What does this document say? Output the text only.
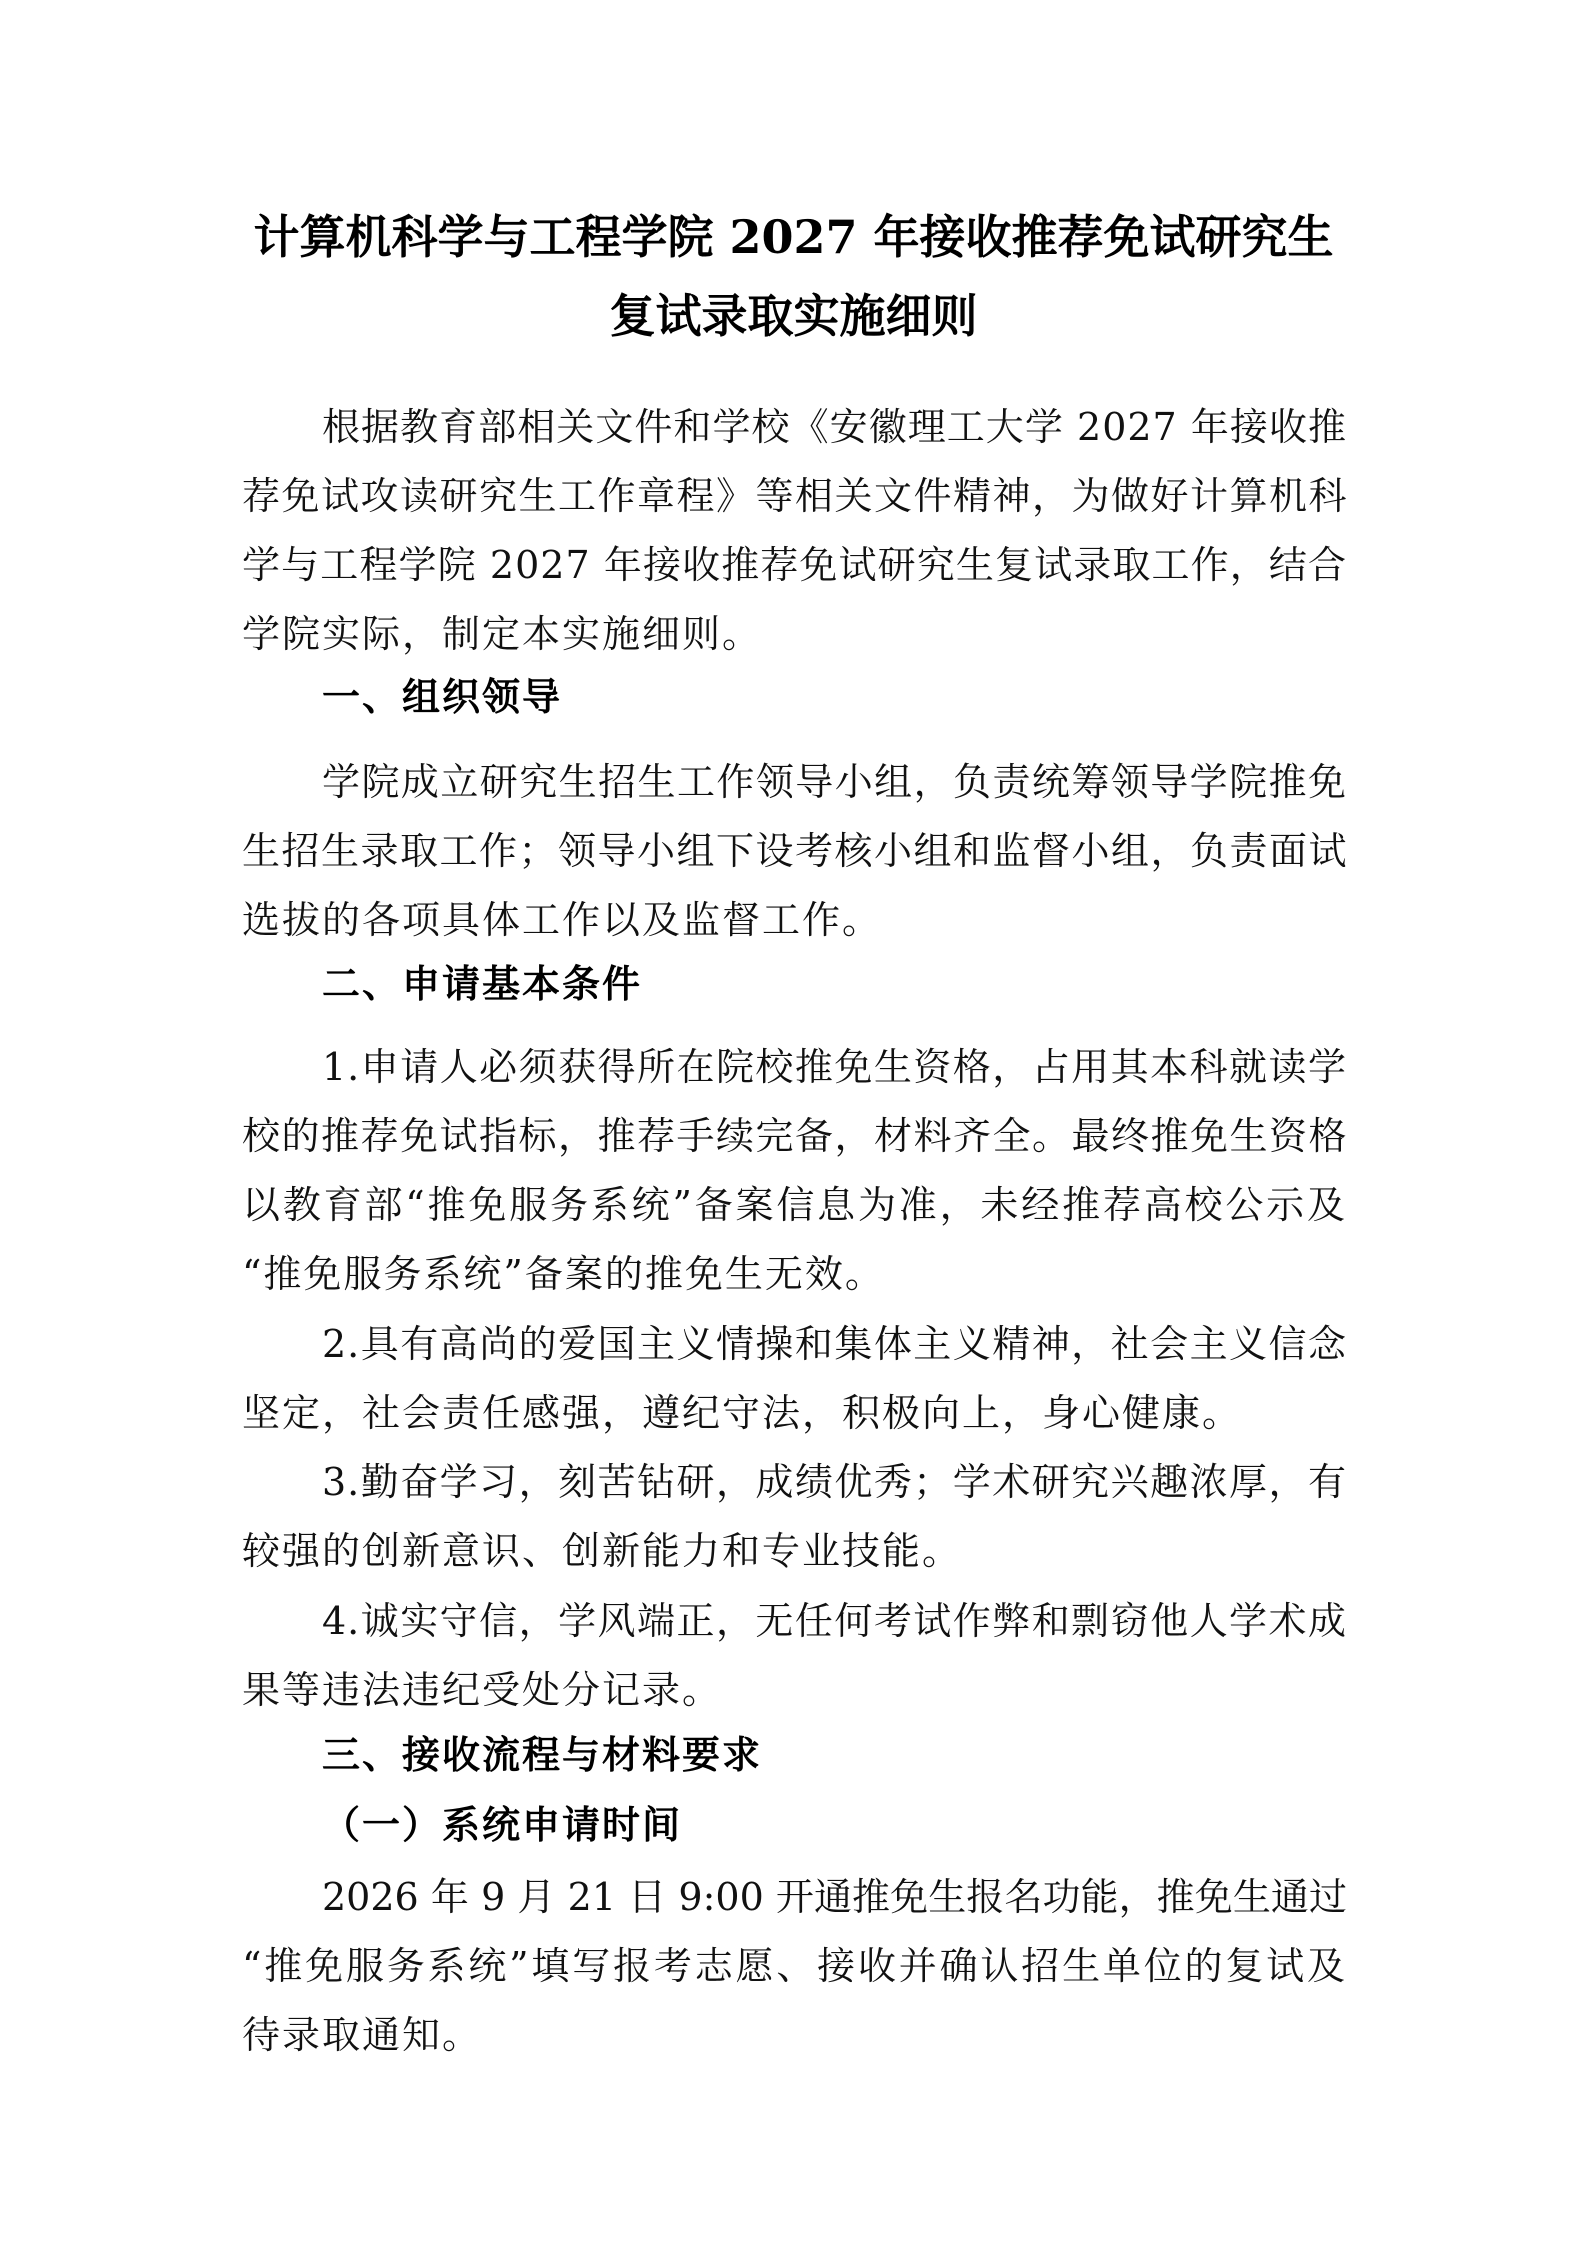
计算机科学与工程学院 2027 年接收推荐免试研究生
复试录取实施细则
根据教育部相关文件和学校《安徽理工大学 2027 年接收推
荐免试攻读研究生工作章程》等相关文件精神，为做好计算机科
学与工程学院 2027 年接收推荐免试研究生复试录取工作，结合
学院实际，制定本实施细则。
一、组织领导
学院成立研究生招生工作领导小组，负责统筹领导学院推免
生招生录取工作；领导小组下设考核小组和监督小组，负责面试
选拔的各项具体工作以及监督工作。
二、申请基本条件
1.申请人必须获得所在院校推免生资格，占用其本科就读学
校的推荐免试指标，推荐手续完备，材料齐全。最终推免生资格
以教育部“推免服务系统”备案信息为准，未经推荐高校公示及
“推免服务系统”备案的推免生无效。
2.具有高尚的爱国主义情操和集体主义精神，社会主义信念
坚定，社会责任感强，遵纪守法，积极向上，身心健康。
3.勤奋学习，刻苦钻研，成绩优秀；学术研究兴趣浓厚，有
较强的创新意识、创新能力和专业技能。
4.诚实守信，学风端正，无任何考试作弊和剽窃他人学术成
果等违法违纪受处分记录。
三、接收流程与材料要求
（一）系统申请时间
2026 年 9 月 21 日 9:00 开通推免生报名功能，推免生通过
“推免服务系统”填写报考志愿、接收并确认招生单位的复试及
待录取通知。
